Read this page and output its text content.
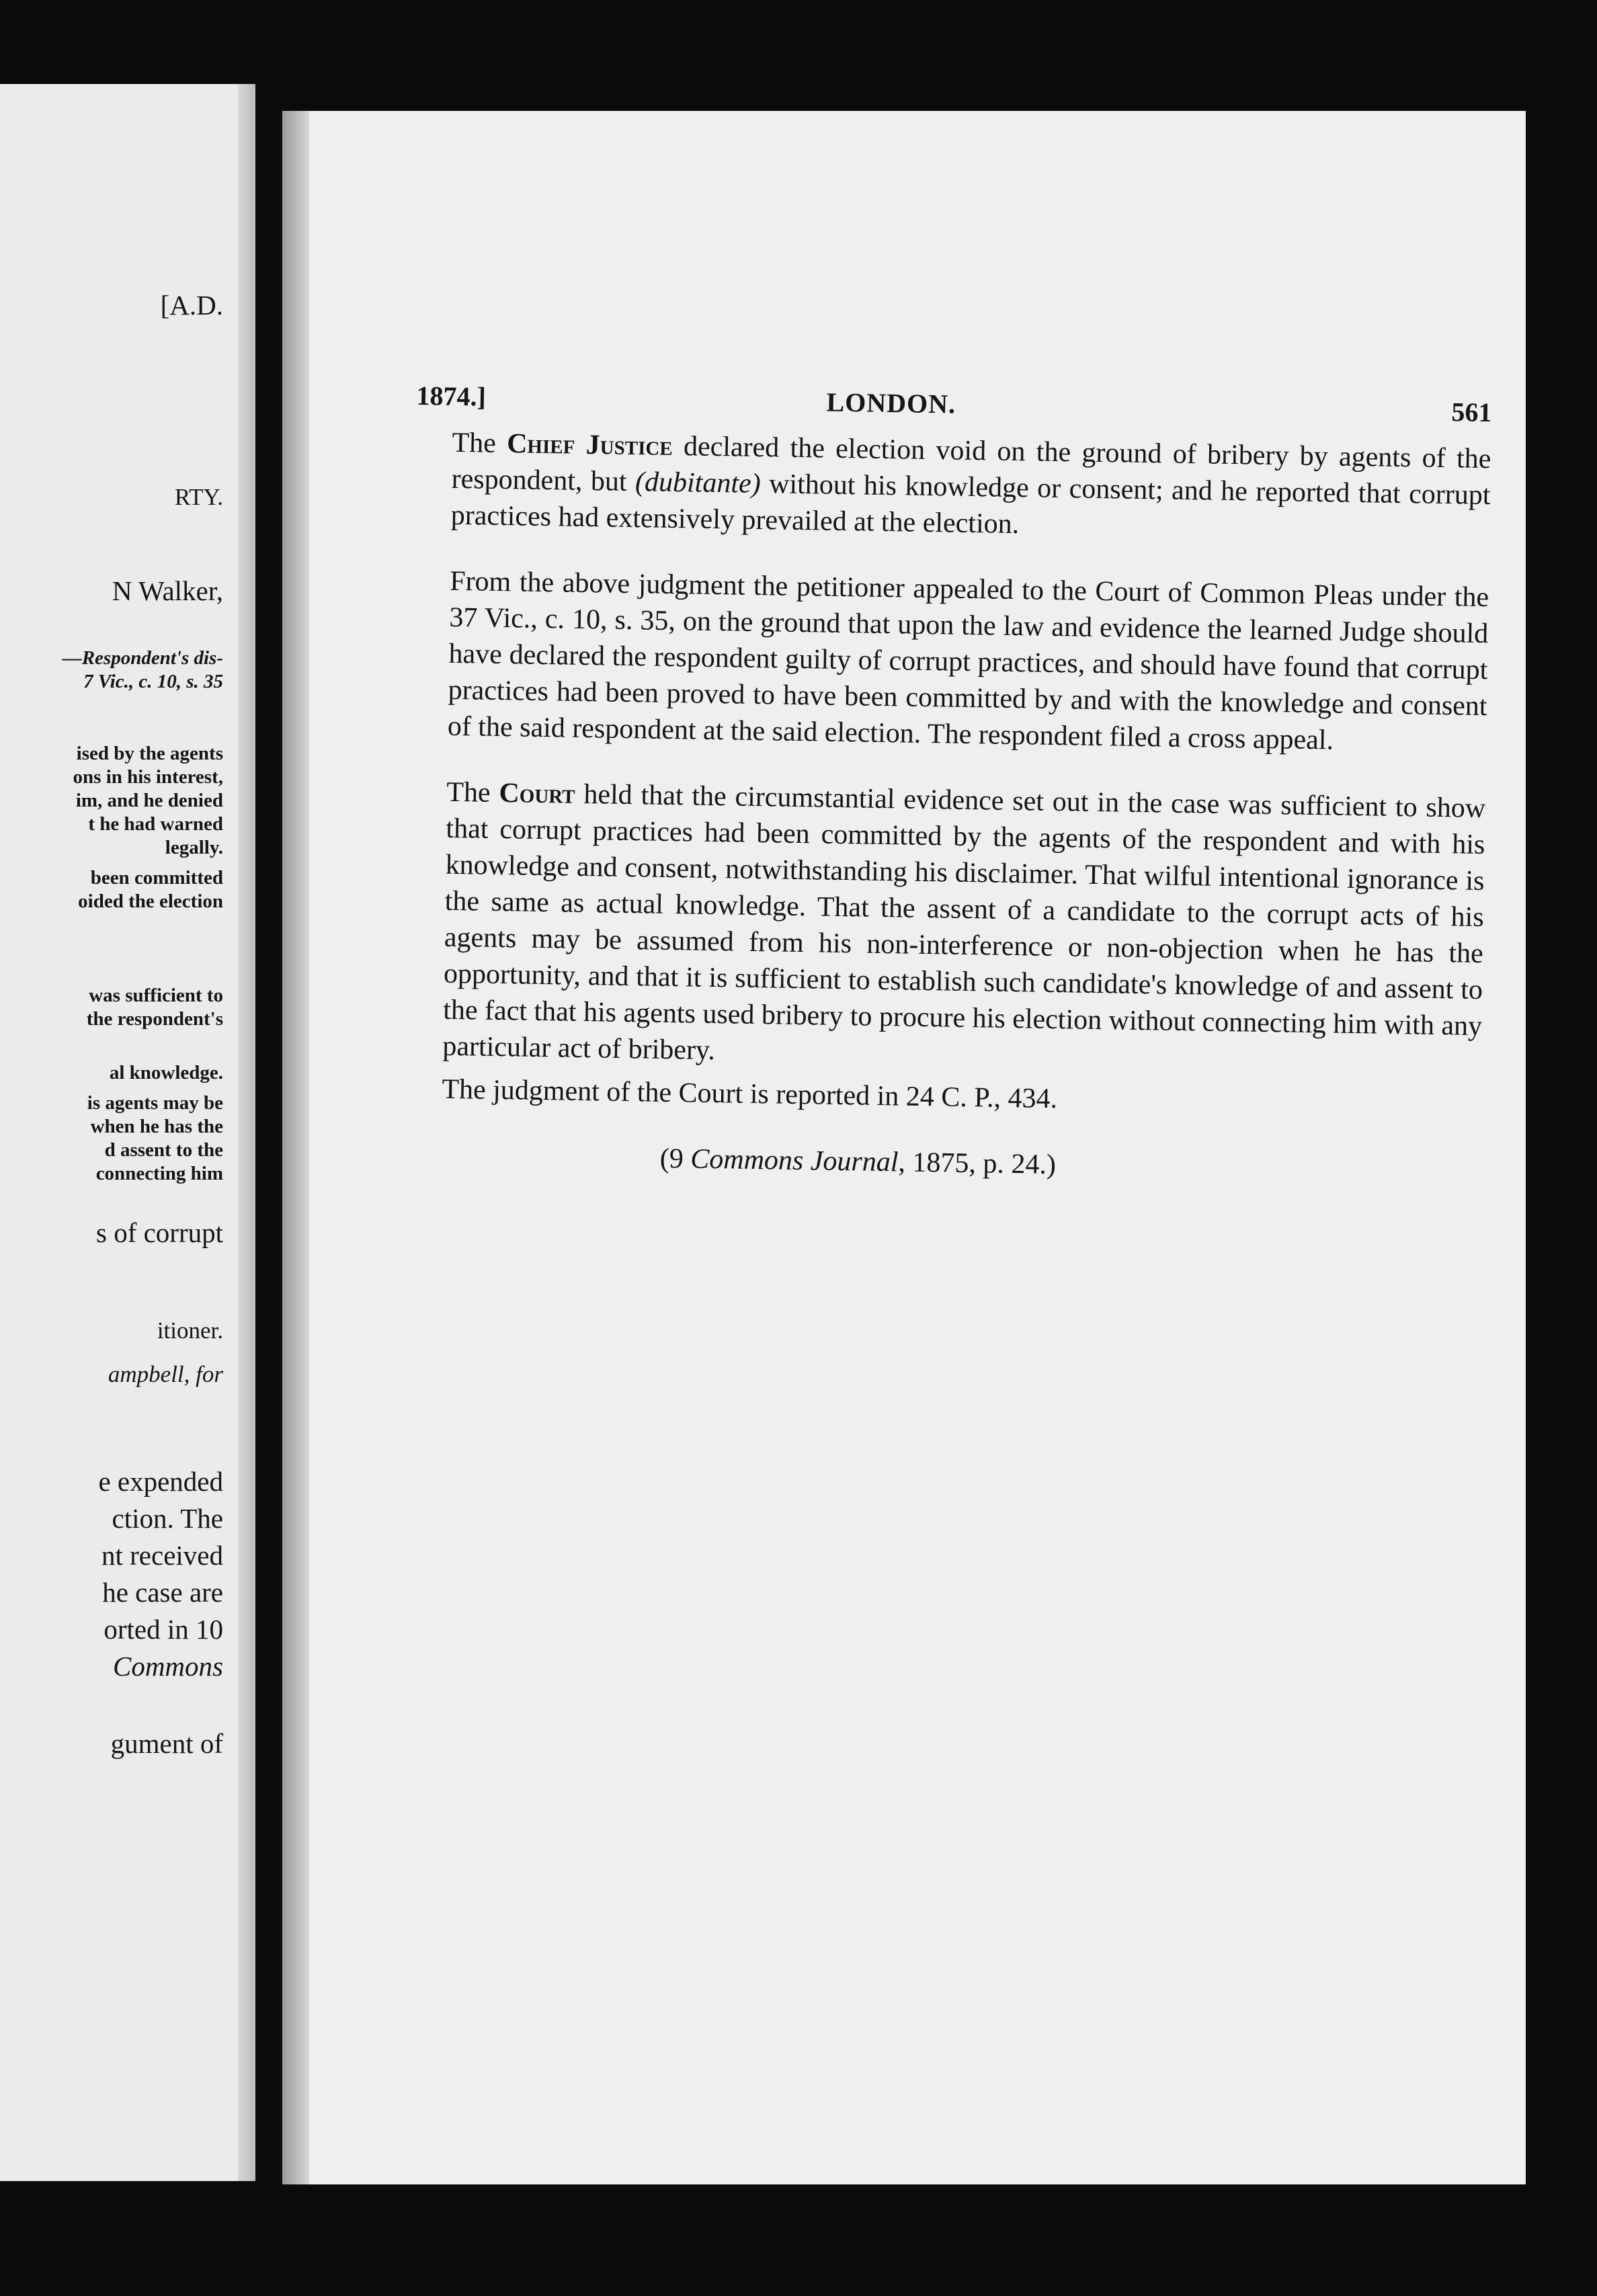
[A.D.
RTY.
N Walker,
—Respondent's dis-
7 Vic., c. 10, s. 35
ised by the agents
ons in his interest,
im, and he denied
t he had warned
legally.
been committed
oided the election
was sufficient to
the respondent's
al knowledge.
is agents may be
when he has the
d assent to the
connecting him
s of corrupt
itioner.
ampbell, for
e expended
ction. The
nt received
he case are
orted in 10
Commons
gument of
1874.]	LONDON.	561

The Chief Justice declared the election void on the ground of bribery by agents of the respondent, but (dubitante) without his knowledge or consent; and he reported that corrupt practices had extensively prevailed at the election.

From the above judgment the petitioner appealed to the Court of Common Pleas under the 37 Vic., c. 10, s. 35, on the ground that upon the law and evidence the learned Judge should have declared the respondent guilty of corrupt practices, and should have found that corrupt practices had been proved to have been committed by and with the knowledge and consent of the said respondent at the said election. The respondent filed a cross appeal.

The Court held that the circumstantial evidence set out in the case was sufficient to show that corrupt practices had been committed by the agents of the respondent and with his knowledge and consent, notwithstanding his disclaimer. That wilful intentional ignorance is the same as actual knowledge. That the assent of a candidate to the corrupt acts of his agents may be assumed from his non-interference or non-objection when he has the opportunity, and that it is sufficient to establish such candidate's knowledge of and assent to the fact that his agents used bribery to procure his election without connecting him with any particular act of bribery.

The judgment of the Court is reported in 24 C. P., 434.

(9 Commons Journal, 1875, p. 24.)
